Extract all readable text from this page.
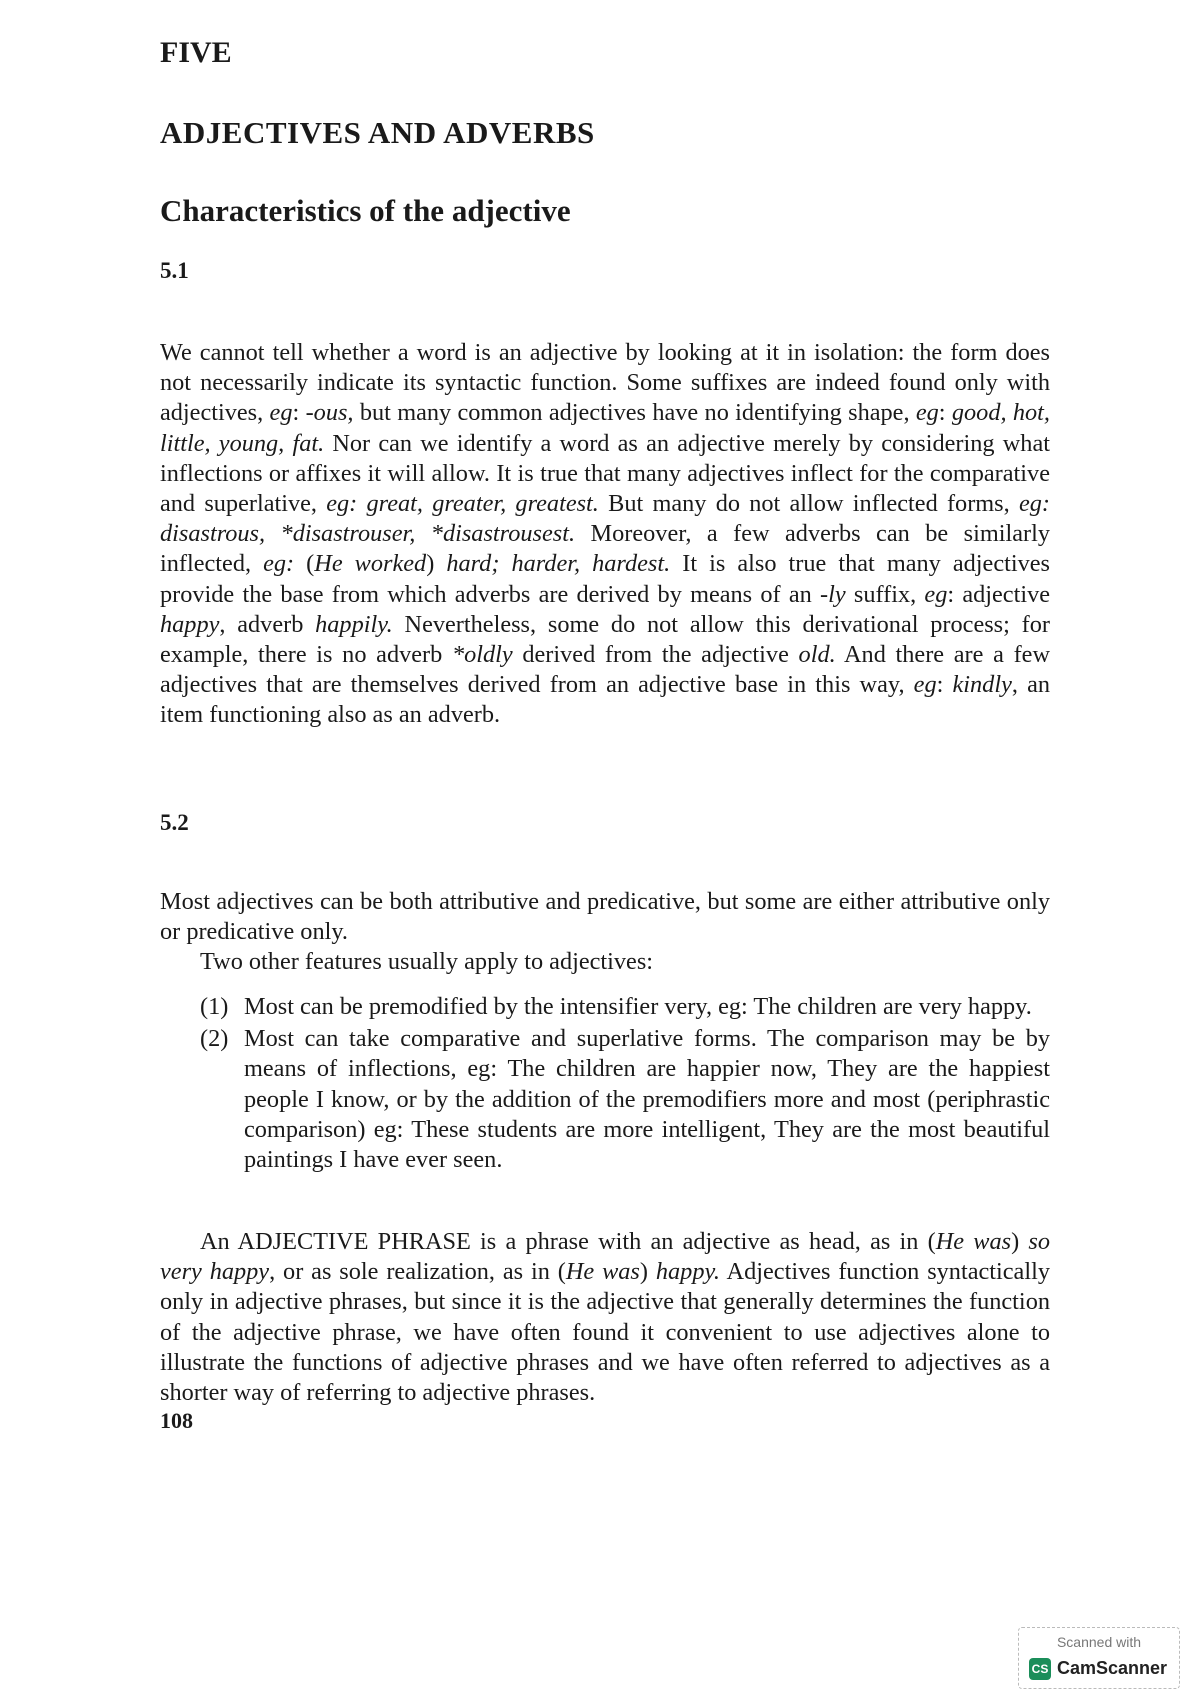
FIVE
ADJECTIVES AND ADVERBS
Characteristics of the adjective
5.1

We cannot tell whether a word is an adjective by looking at it in isolation: the form does not necessarily indicate its syntactic function. Some suffixes are indeed found only with adjectives, eg: -ous, but many common adjectives have no identifying shape, eg: good, hot, little, young, fat. Nor can we identify a word as an adjective merely by considering what inflections or affixes it will allow. It is true that many adjectives inflect for the comparative and superlative, eg: great, greater, greatest. But many do not allow inflected forms, eg: disastrous, *disastrouser, *disastrousest. Moreover, a few adverbs can be similarly inflected, eg: (He worked) hard; harder, hardest. It is also true that many adjectives provide the base from which adverbs are derived by means of an -ly suffix, eg: adjective happy, adverb happily. Nevertheless, some do not allow this derivational process; for example, there is no adverb *oldly derived from the adjective old. And there are a few adjectives that are themselves derived from an adjective base in this way, eg: kindly, an item functioning also as an adverb.

5.2

Most adjectives can be both attributive and predicative, but some are either attributive only or predicative only.

Two other features usually apply to adjectives:

(1) Most can be premodified by the intensifier very, eg: The children are very happy.
(2) Most can take comparative and superlative forms. The comparison may be by means of inflections, eg: The children are happier now, They are the happiest people I know, or by the addition of the premodifiers more and most (periphrastic comparison) eg: These students are more intelligent, They are the most beautiful paintings I have ever seen.

An ADJECTIVE PHRASE is a phrase with an adjective as head, as in (He was) so very happy, or as sole realization, as in (He was) happy. Adjectives function syntactically only in adjective phrases, but since it is the adjective that generally determines the function of the adjective phrase, we have often found it convenient to use adjectives alone to illustrate the functions of adjective phrases and we have often referred to adjectives as a shorter way of referring to adjective phrases.

108
Scanned with
CS CamScanner
